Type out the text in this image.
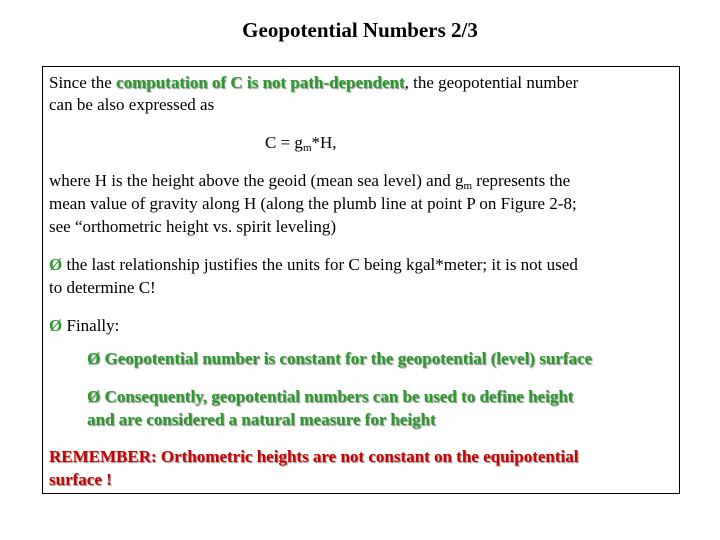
Geopotential Numbers 2/3
Since the computation of C is not path-dependent, the geopotential number
can be also expressed as
$C = g_m*H$,
where H is the height above the geoid (mean sea level) and $g_m$ represents the
mean value of gravity along H (along the plumb line at point P on Figure 2-8;
see “orthometric height vs. spirit leveling)
Ø the last relationship justifies the units for C being kgal*meter; it is not used
to determine C!
Ø Finally:
Ø Geopotential number is constant for the geopotential (level) surface
Ø Consequently, geopotential numbers can be used to define height
and are considered a natural measure for height
REMEMBER: Orthometric heights are not constant on the equipotential
surface !
